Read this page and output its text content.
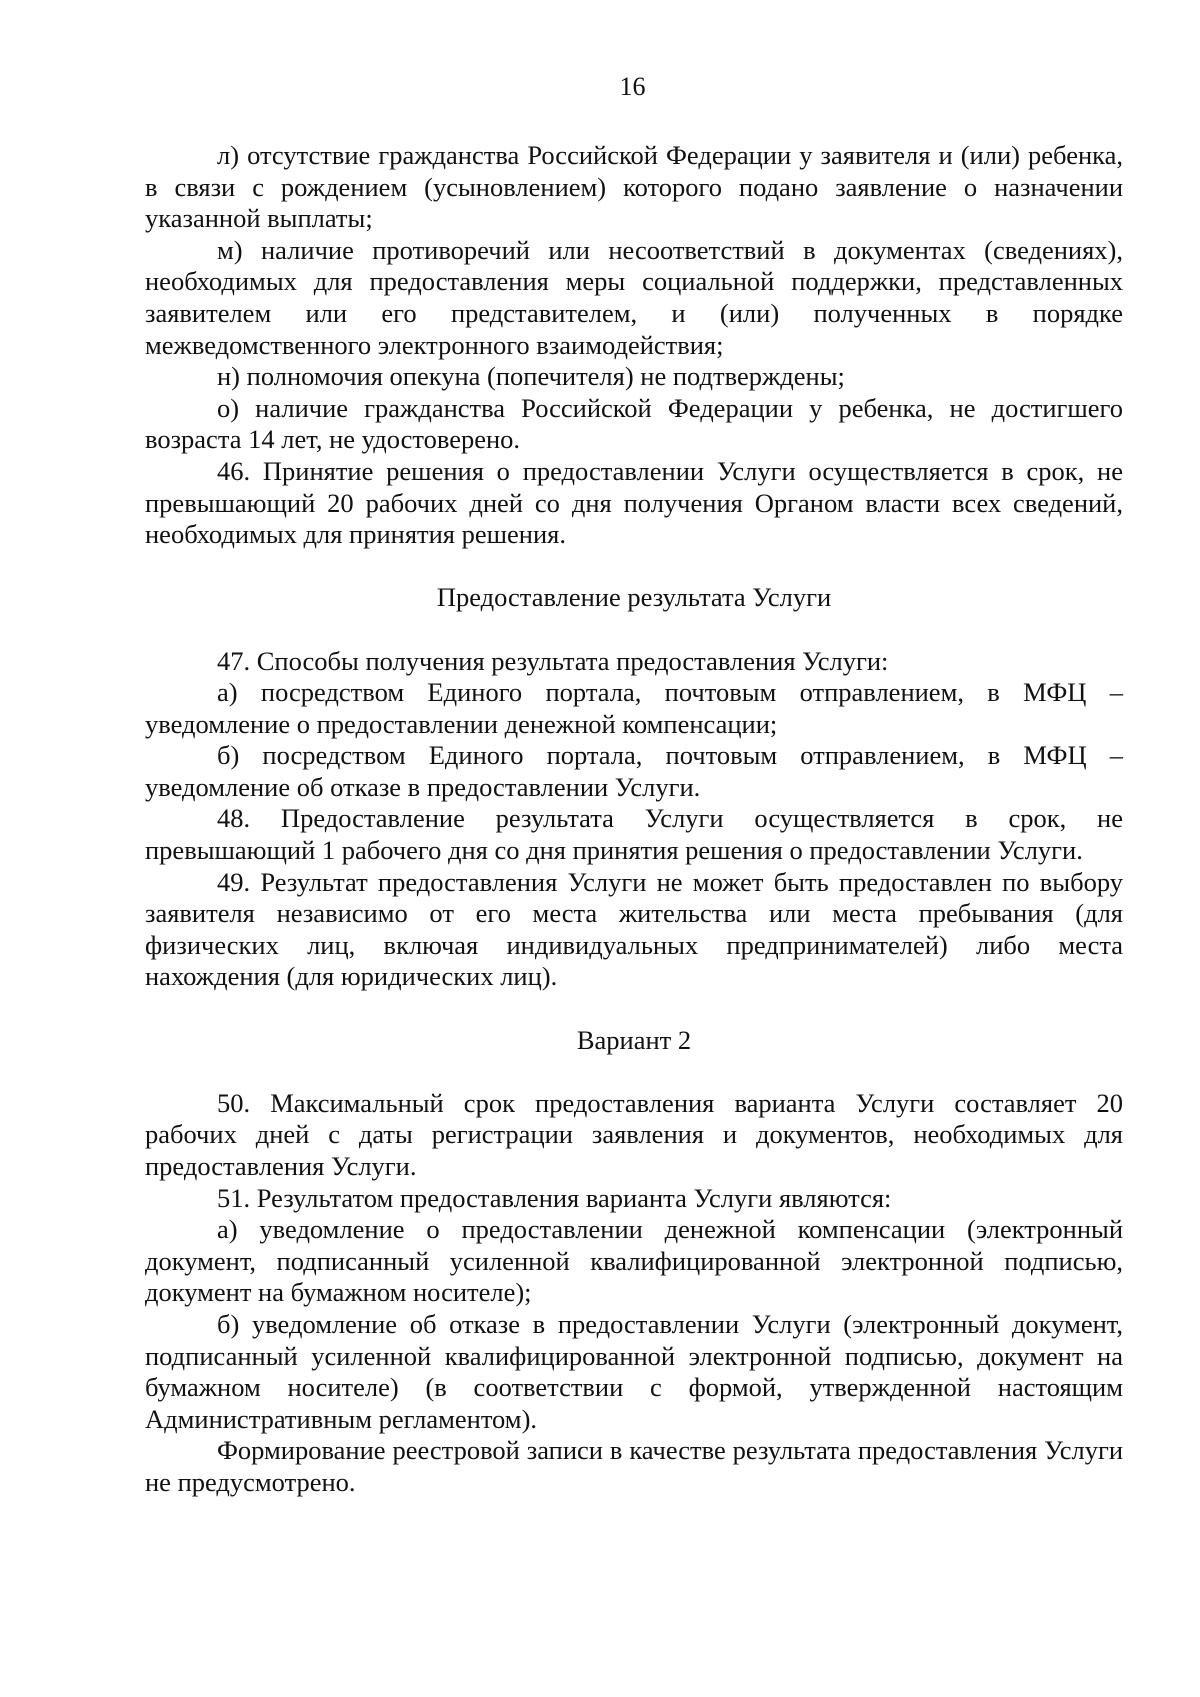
16

л) отсутствие гражданства Российской Федерации у заявителя и (или) ребенка, в связи с рождением (усыновлением) которого подано заявление о назначении указанной выплаты;

м) наличие противоречий или несоответствий в документах (сведениях), необходимых для предоставления меры социальной поддержки, представленных заявителем или его представителем, и (или) полученных в порядке межведомственного электронного взаимодействия;

н) полномочия опекуна (попечителя) не подтверждены;

о) наличие гражданства Российской Федерации у ребенка, не достигшего возраста 14 лет, не удостоверено.

46. Принятие решения о предоставлении Услуги осуществляется в срок, не превышающий 20 рабочих дней со дня получения Органом власти всех сведений, необходимых для принятия решения.

Предоставление результата Услуги

47. Способы получения результата предоставления Услуги:

а) посредством Единого портала, почтовым отправлением, в МФЦ – уведомление о предоставлении денежной компенсации;

б) посредством Единого портала, почтовым отправлением, в МФЦ – уведомление об отказе в предоставлении Услуги.

48. Предоставление результата Услуги осуществляется в срок, не превышающий 1 рабочего дня со дня принятия решения о предоставлении Услуги.

49. Результат предоставления Услуги не может быть предоставлен по выбору заявителя независимо от его места жительства или места пребывания (для физических лиц, включая индивидуальных предпринимателей) либо места нахождения (для юридических лиц).

Вариант 2

50. Максимальный срок предоставления варианта Услуги составляет 20 рабочих дней с даты регистрации заявления и документов, необходимых для предоставления Услуги.

51. Результатом предоставления варианта Услуги являются:

а) уведомление о предоставлении денежной компенсации (электронный документ, подписанный усиленной квалифицированной электронной подписью, документ на бумажном носителе);

б) уведомление об отказе в предоставлении Услуги (электронный документ, подписанный усиленной квалифицированной электронной подписью, документ на бумажном носителе) (в соответствии с формой, утвержденной настоящим Административным регламентом).

Формирование реестровой записи в качестве результата предоставления Услуги не предусмотрено.
